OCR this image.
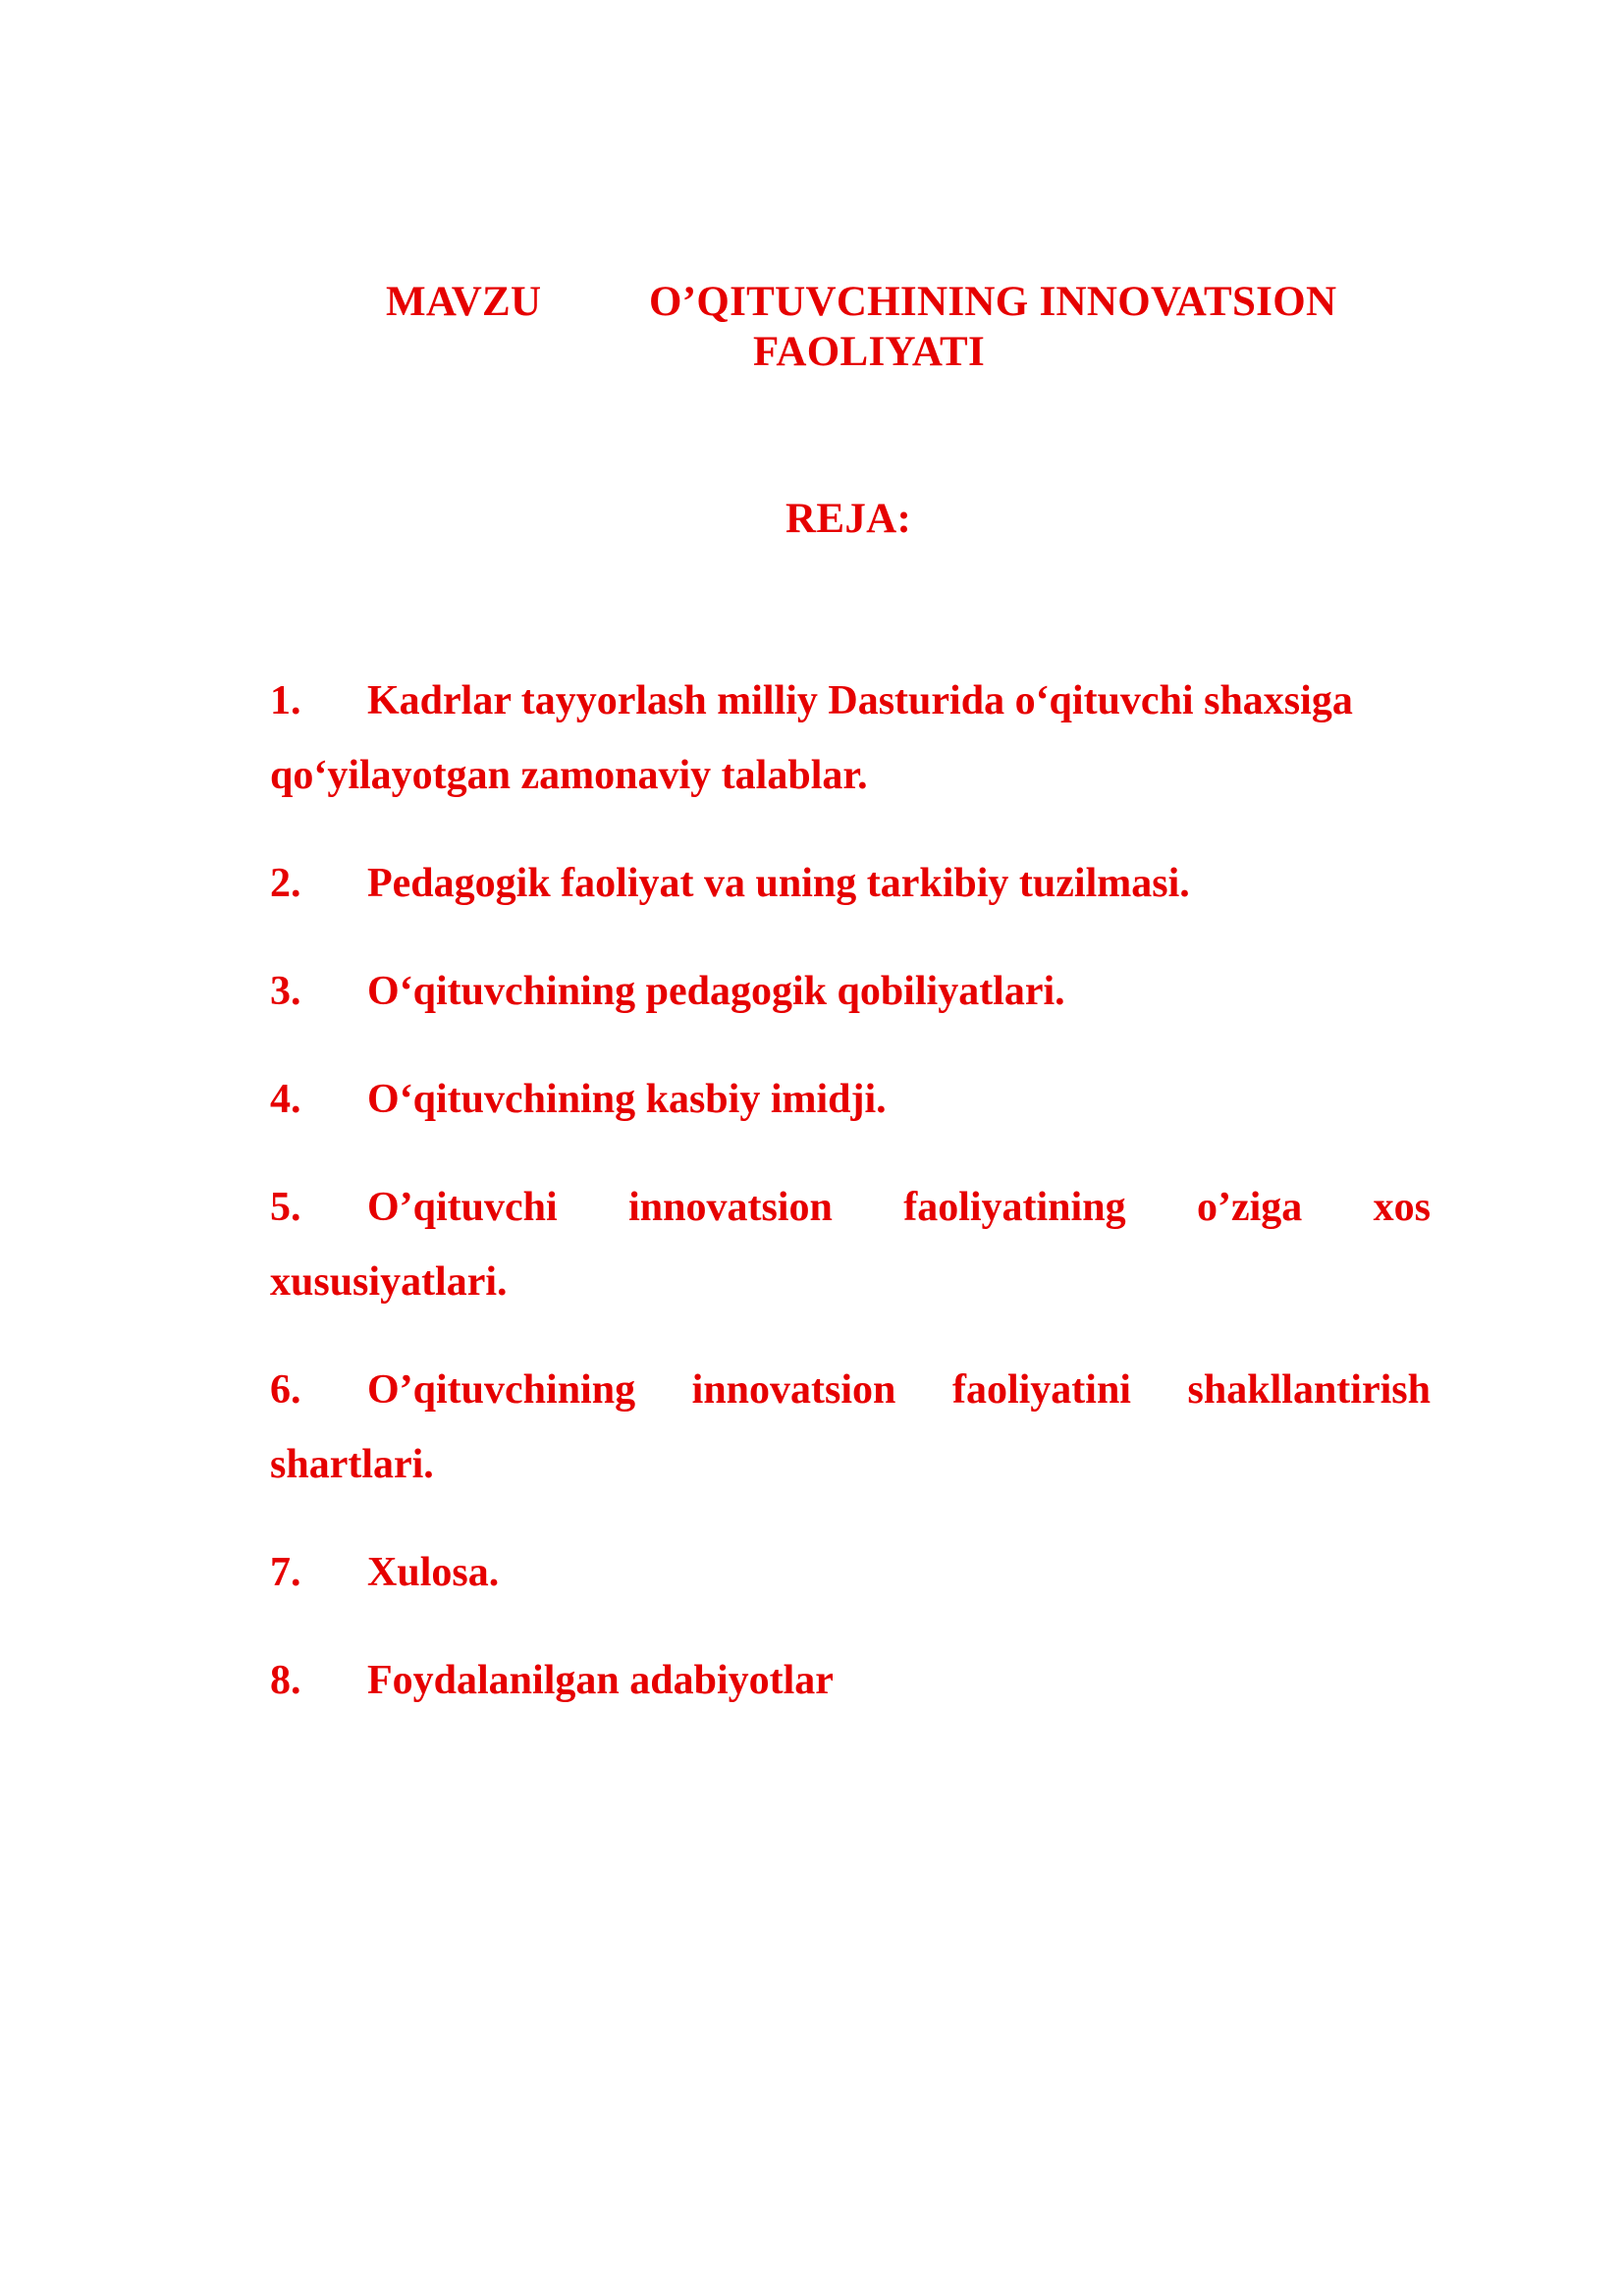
MAVZU	O’QITUVCHINING INNOVATSION
FAOLIYATI
REJA:
1.	Kadrlar tayyorlash milliy Dasturida o‘qituvchi shaxsiga
qo‘yilayotgan zamonaviy talablar.
2. Pedagogik faoliyat va uning tarkibiy tuzilmasi.
3. O‘qituvchining pedagogik qobiliyatlari.
4. O‘qituvchining kasbiy imidji.
5.	O’qituvchi innovatsion faoliyatining o’ziga xos
xususiyatlari.
6.	O’qituvchining innovatsion faoliyatini shakllantirish
shartlari.
7. Xulosa.
8. Foydalanilgan adabiyotlar
